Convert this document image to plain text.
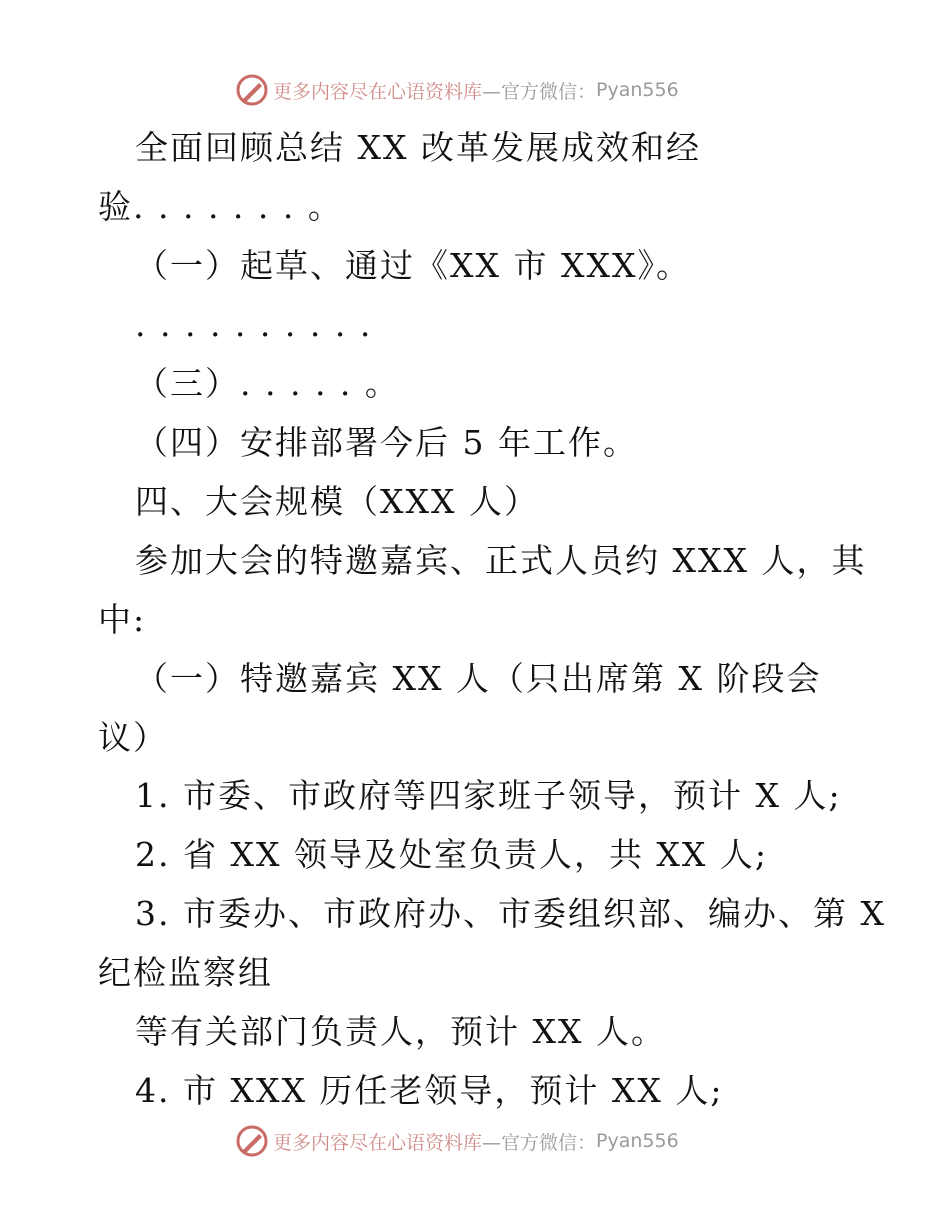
更多内容尽在心语资料库 —官方微信： Pyan556
全面回顾总结 XX 改革发展成效和经
验. . . . . . . 。
（一）起草、通过《XX 市 XXX》。
. . . . . . . . . .
（三）. . . . . 。
（四）安排部署今后 5 年工作。
四、大会规模（XXX 人）
参加大会的特邀嘉宾、正式人员约 XXX 人，其
中:
（一）特邀嘉宾 XX 人（只出席第 X 阶段会
议）
1. 市委、市政府等四家班子领导，预计 X 人;
2. 省 XX 领导及处室负责人，共 XX 人;
3. 市委办、市政府办、市委组织部、编办、第 X
纪检监察组
等有关部门负责人，预计 XX 人。
4. 市 XXX 历任老领导，预计 XX 人;
更多内容尽在心语资料库 —官方微信： Pyan556
